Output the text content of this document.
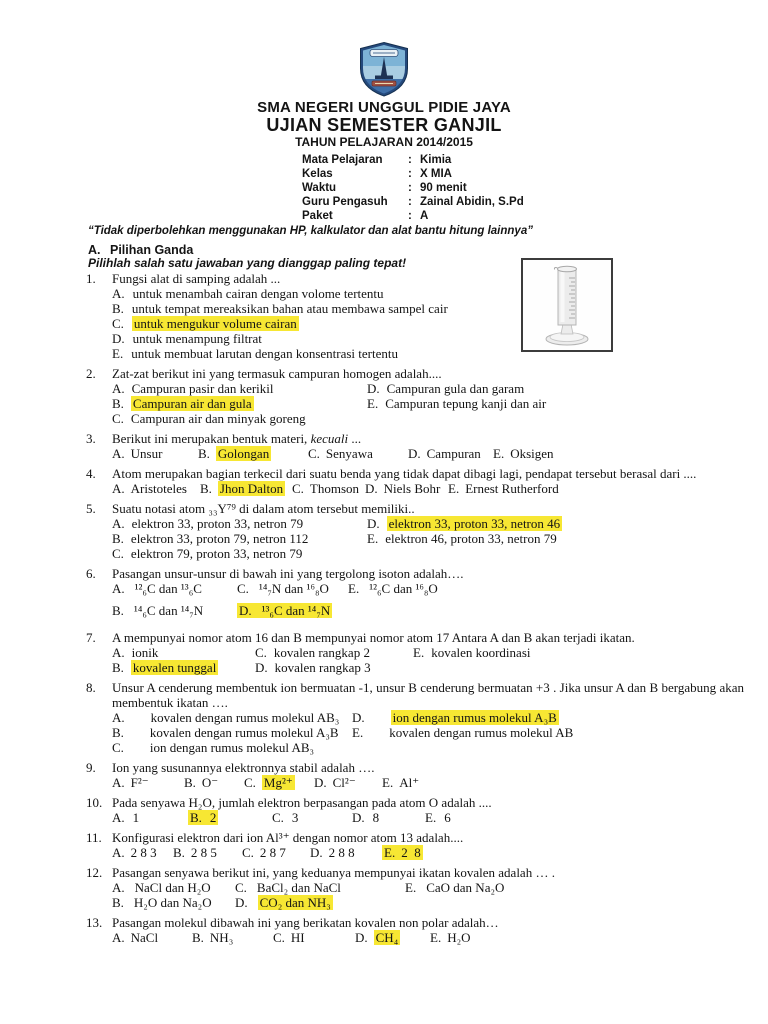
SMA NEGERI UNGGUL PIDIE JAYA
UJIAN SEMESTER GANJIL
TAHUN PELAJARAN 2014/2015
Mata Pelajaran	: Kimia
Kelas	: X MIA
Waktu	: 90 menit
Guru Pengasuh	: Zainal Abidin, S.Pd
Paket	: A
“Tidak diperbolehkan menggunakan HP, kalkulator dan alat bantu hitung lainnya”
A. Pilihan Ganda
Pilihlah salah satu jawaban yang dianggap paling tepat!
1.	Fungsi alat di samping adalah ...
A. untuk menambah cairan dengan volome tertentu
B. untuk tempat mereaksikan bahan atau membawa sampel cair
C. untuk mengukur volume cairan
D. untuk menampung filtrat
E. untuk membuat larutan dengan konsentrasi tertentu
2.	Zat-zat berikut ini yang termasuk campuran homogen adalah....
A. Campuran pasir dan kerikil	D. Campuran gula dan garam
B. Campuran air dan gula	E. Campuran tepung kanji dan air
C. Campuran air dan minyak goreng
3.	Berikut ini merupakan bentuk materi, kecuali ...
A. Unsur	B. Golongan	C. Senyawa	D. Campuran E. Oksigen
4.	Atom merupakan bagian terkecil dari suatu benda yang tidak dapat dibagi lagi, pendapat tersebut berasal dari ....
A. Aristoteles B. Jhon Dalton C. Thomson D. Niels Bohr E. Ernest Rutherford
5.	Suatu notasi atom ₃₃Y⁷⁹ di dalam atom tersebut memiliki..
A. elektron 33, proton 33, netron 79	D. elektron 33, proton 33, netron 46
B. elektron 33, proton 79, netron 112	E. elektron 46, proton 33, netron 79
C. elektron 79, proton 33, netron 79
6.	Pasangan unsur-unsur di bawah ini yang tergolong isoton adalah….
A. ¹²₆C dan ¹³₆C	C. ¹⁴₇N dan ¹⁶₈O E. ¹²₆C dan ¹⁶₈O
B. ¹⁴₆C dan ¹⁴₇N	D. ¹³₆C dan ¹⁴₇N
7.	A mempunyai nomor atom 16 dan B mempunyai nomor atom 17 Antara A dan B akan terjadi ikatan.
A. ionik	C. kovalen rangkap 2	E. kovalen koordinasi
B. kovalen tunggal	D. kovalen rangkap 3
8.	Unsur A cenderung membentuk ion bermuatan -1, unsur B cenderung bermuatan +3 . Jika unsur A dan B bergabung akan membentuk ikatan ….
A. kovalen dengan rumus molekul AB₃ D. ion dengan rumus molekul A₃B
B. kovalen dengan rumus molekul A₃B E. kovalen dengan rumus molekul AB
C. ion dengan rumus molekul AB₃
9.	Ion yang susunannya elektronnya stabil adalah ….
A. F²⁻	B. O⁻ C. Mg²⁺ D. Cl²⁻ E. Al⁺
10. Pada senyawa H₂O, jumlah elektron berpasangan pada atom O adalah ....
A. 1	B. 2	C. 3	D. 8	E. 6
11. Konfigurasi elektron dari ion Al³⁺ dengan nomor atom 13 adalah....
A. 2 8 3 B. 2 8 5 C. 2 8 7 D. 2 8 8 E. 2  8
12. Pasangan senyawa berikut ini, yang keduanya mempunyai ikatan kovalen adalah … .
A. NaCl dan H₂O C. BaCl₂ dan NaCl	E. CaO dan Na₂O
B. H₂O dan Na₂O D. CO₂ dan NH₃
13. Pasangan molekul dibawah ini yang berikatan kovalen non polar adalah…
A. NaCl	B. NH₃	C. HI	D. CH₄ E. H₂O
